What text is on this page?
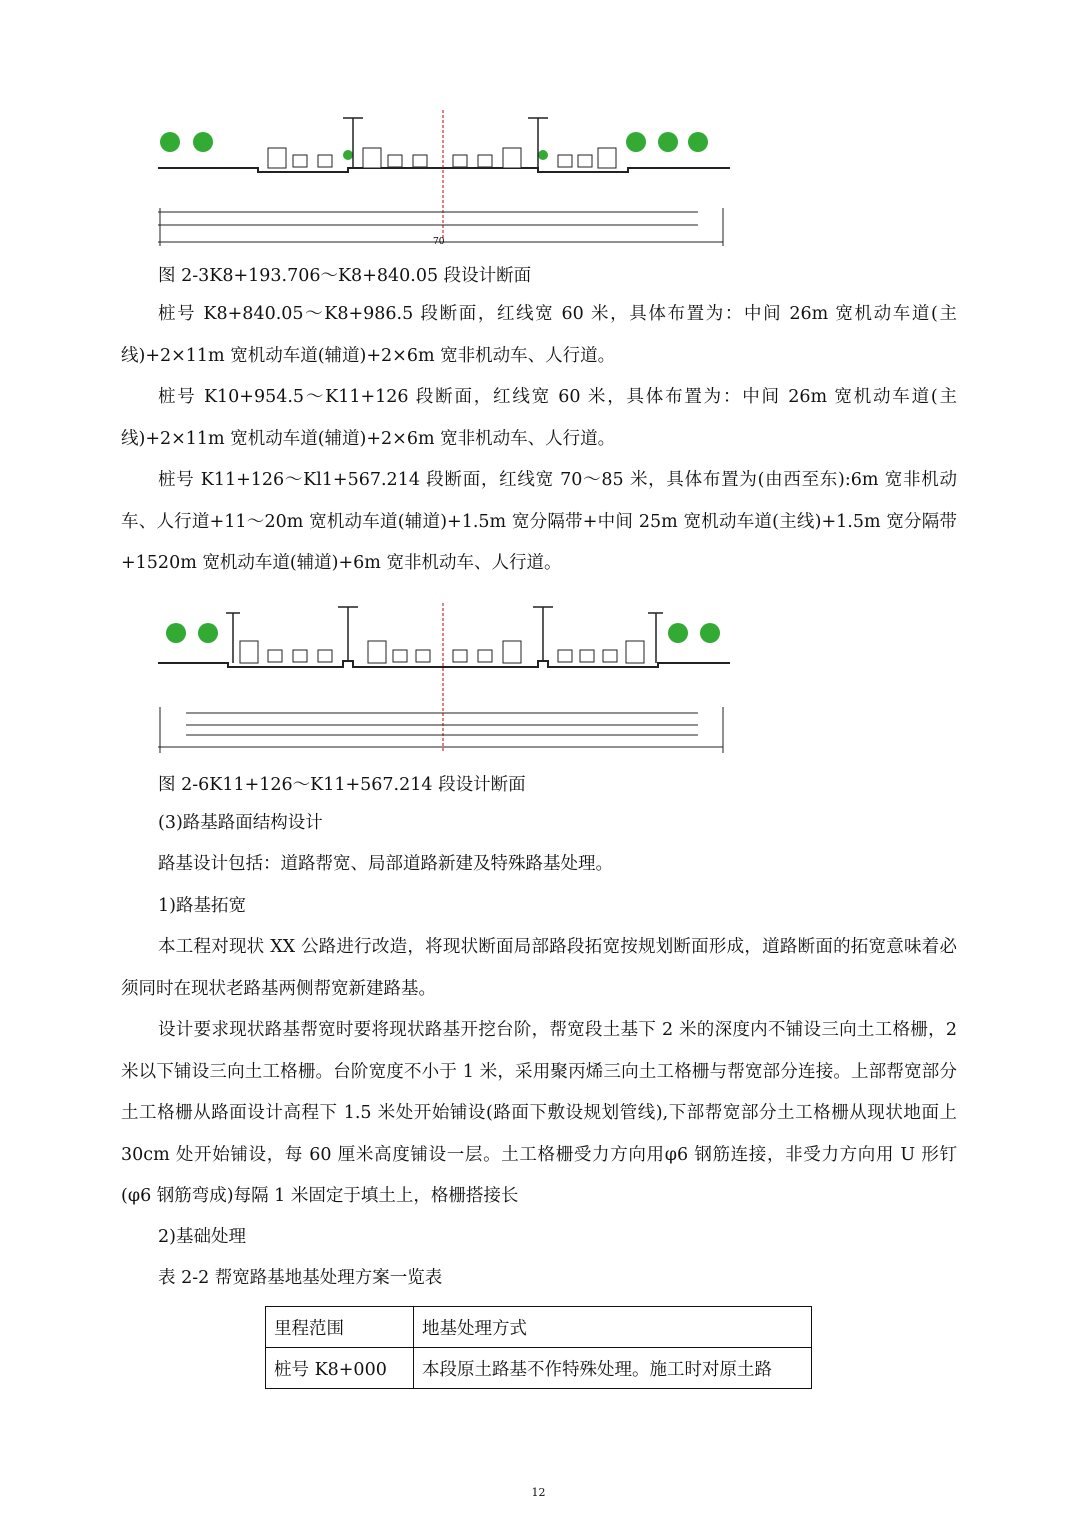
70
图 2-3K8+193.706～K8+840.05 段设计断面
桩号 K8+840.05～K8+986.5 段断面，红线宽 60 米，具体布置为：中间 26m 宽机动车道(主线)+2×11m 宽机动车道(辅道)+2×6m 宽非机动车、人行道。
桩号 K10+954.5～K11+126 段断面，红线宽 60 米，具体布置为：中间 26m 宽机动车道(主线)+2×11m 宽机动车道(辅道)+2×6m 宽非机动车、人行道。
桩号 K11+126～Kl1+567.214 段断面，红线宽 70～85 米，具体布置为(由西至东):6m 宽非机动车、人行道+11～20m 宽机动车道(辅道)+1.5m 宽分隔带+中间 25m 宽机动车道(主线)+1.5m 宽分隔带+1520m 宽机动车道(辅道)+6m 宽非机动车、人行道。
图 2-6K11+126～K11+567.214 段设计断面
(3)路基路面结构设计
路基设计包括：道路帮宽、局部道路新建及特殊路基处理。
1)路基拓宽
本工程对现状 XX 公路进行改造，将现状断面局部路段拓宽按规划断面形成，道路断面的拓宽意味着必须同时在现状老路基两侧帮宽新建路基。
设计要求现状路基帮宽时要将现状路基开挖台阶，帮宽段土基下 2 米的深度内不铺设三向土工格栅，2 米以下铺设三向土工格栅。台阶宽度不小于 1 米，采用聚丙烯三向土工格栅与帮宽部分连接。上部帮宽部分土工格栅从路面设计高程下 1.5 米处开始铺设(路面下敷设规划管线),下部帮宽部分土工格栅从现状地面上 30cm 处开始铺设，每 60 厘米高度铺设一层。土工格栅受力方向用φ6 钢筋连接，非受力方向用 U 形钉(φ6 钢筋弯成)每隔 1 米固定于填土上，格栅搭接长
2)基础处理
表 2-2 帮宽路基地基处理方案一览表
里程范围	地基处理方式
桩号 K8+000	本段原土路基不作特殊处理。施工时对原土路
12
